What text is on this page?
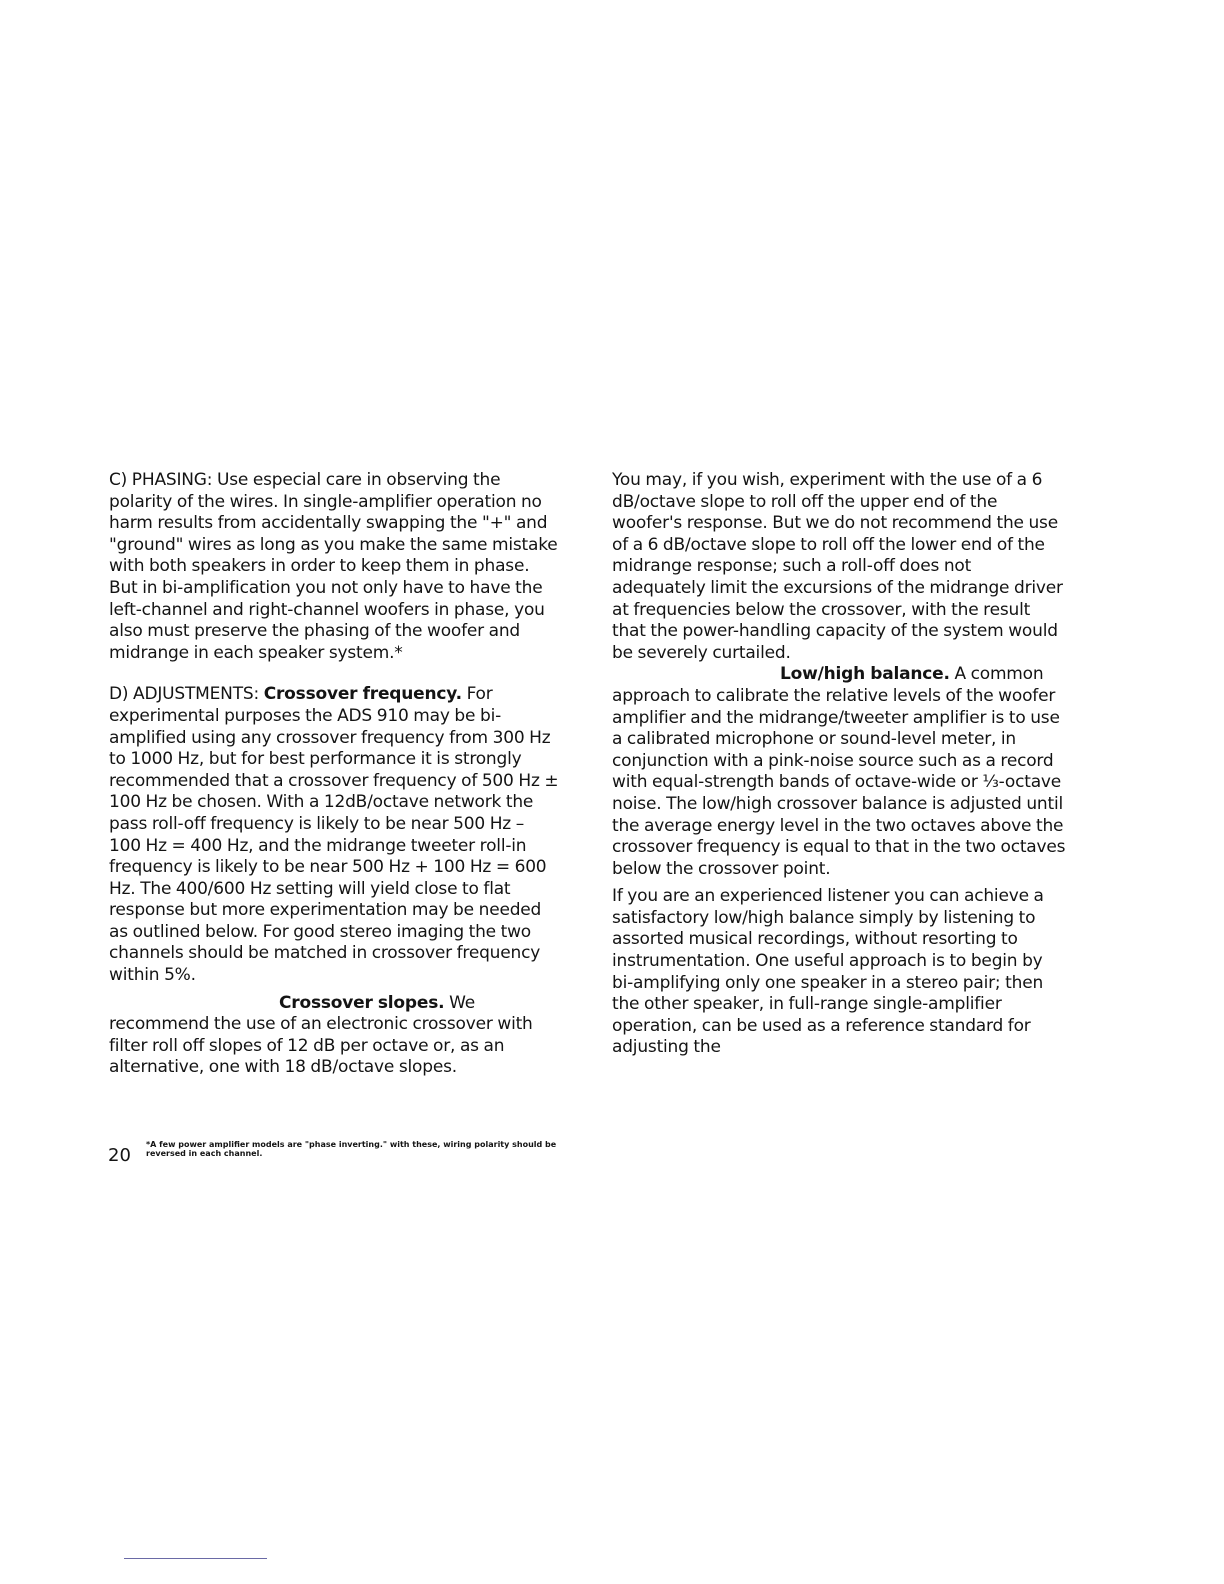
C) PHASING: Use especial care in observing the polarity of the wires. In single-amplifier operation no harm results from accidentally swapping the "+" and "ground" wires as long as you make the same mistake with both speakers in order to keep them in phase. But in bi-amplification you not only have to have the left-channel and right-channel woofers in phase, you also must preserve the phasing of the woofer and midrange in each speaker system.*

D) ADJUSTMENTS: Crossover frequency. For experimental purposes the ADS 910 may be bi-amplified using any crossover frequency from 300 Hz to 1000 Hz, but for best performance it is strongly recommended that a crossover frequency of 500 Hz ± 100 Hz be chosen. With a 12dB/octave network the pass roll-off frequency is likely to be near 500 Hz – 100 Hz = 400 Hz, and the midrange tweeter roll-in frequency is likely to be near 500 Hz + 100 Hz = 600 Hz. The 400/600 Hz setting will yield close to flat response but more experimentation may be needed as outlined below. For good stereo imaging the two channels should be matched in crossover frequency within 5%.

Crossover slopes. We recommend the use of an electronic crossover with filter roll off slopes of 12 dB per octave or, as an alternative, one with 18 dB/octave slopes.

20
*A few power amplifier models are "phase inverting." with these, wiring polarity should be reversed in each channel.

You may, if you wish, experiment with the use of a 6 dB/octave slope to roll off the upper end of the woofer's response. But we do not recommend the use of a 6 dB/octave slope to roll off the lower end of the midrange response; such a roll-off does not adequately limit the excursions of the midrange driver at frequencies below the crossover, with the result that the power-handling capacity of the system would be severely curtailed.

Low/high balance. A common approach to calibrate the relative levels of the woofer amplifier and the midrange/tweeter amplifier is to use a calibrated microphone or sound-level meter, in conjunction with a pink-noise source such as a record with equal-strength bands of octave-wide or ⅓-octave noise. The low/high crossover balance is adjusted until the average energy level in the two octaves above the crossover frequency is equal to that in the two octaves below the crossover point.

If you are an experienced listener you can achieve a satisfactory low/high balance simply by listening to assorted musical recordings, without resorting to instrumentation. One useful approach is to begin by bi-amplifying only one speaker in a stereo pair; then the other speaker, in full-range single-amplifier operation, can be used as a reference standard for adjusting the
